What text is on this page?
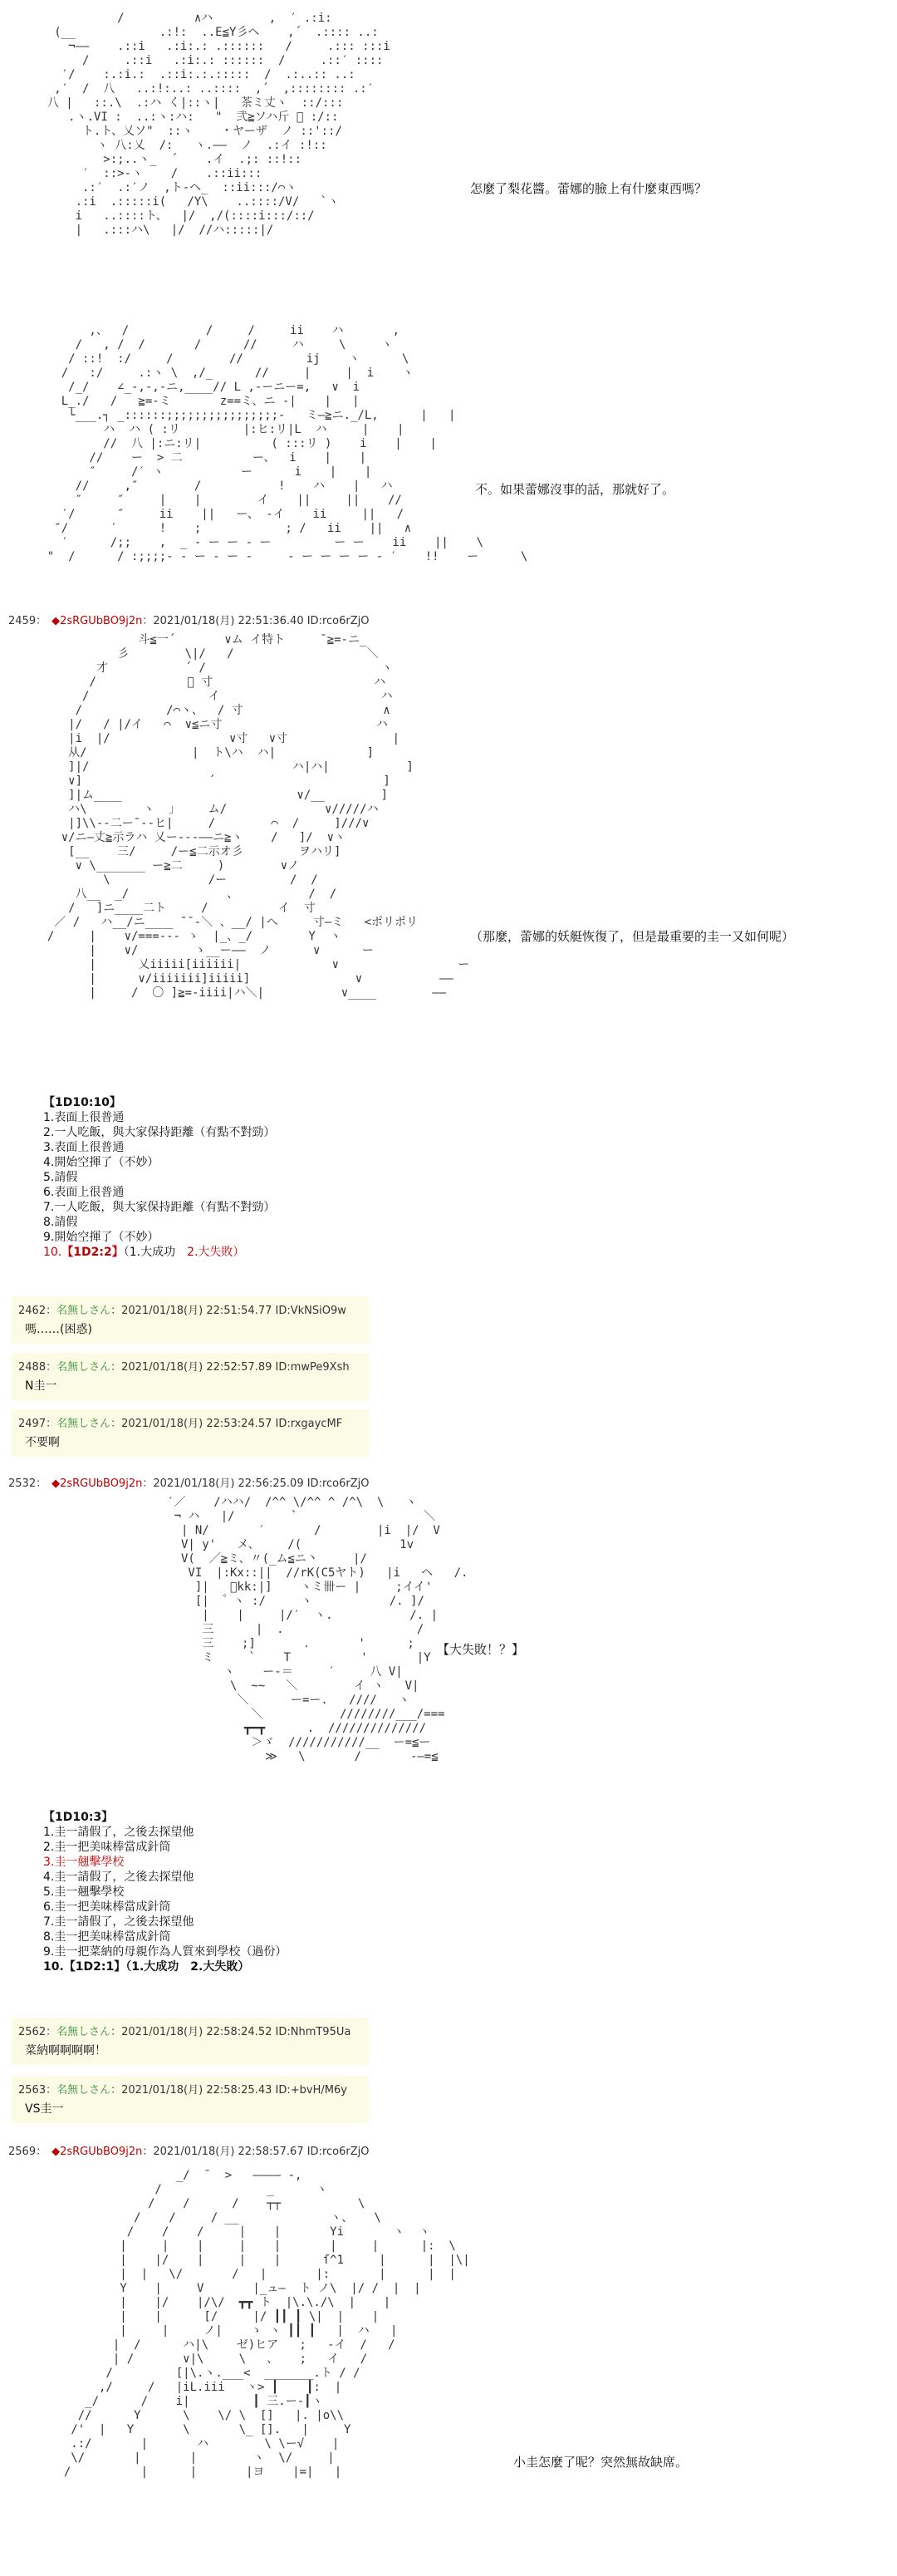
/          ∧ハ        ,  ′ .:i:
(__            .:!:  ..E≦Y彡ヘ    ,´  .:::: ..:
¬——    .::i   .:i:.: .::::::   /     .::: :::i
/     .::i   .:i:.: ::::::  /     .::′ ::::
′/    :.:i.:  .::i:.:.:::::  /  .:..:: ..:
,′  /  八   ..:!:..: ..::::  ,´  ,:::::::: .:′
八 |   ::.\  .:ハ く|::ヽ|   茶ミ丈ヽ  ::/:::
.ヽ.VI :  ..:ヽ:ハ:   "  弐≧ソハ斤 ゚ :/::
ト.ト、乂ソ"  ::ヽ    ・ヤーザ  ノ ::'::/
ヽ 八:乂  /:   ヽ.——  ノ  .:イ :!::
>:;..ヽ_  ´    .イ  .;: ::!::
′  ::>-ヽ    /    .::ii:::
.:′  .:′ノ  ,ト-ヘ_  ::ii:::/⌒ヽ
.:i  .:::::i(   /Y\    ..::::/V/   `ヽ
i   ..::::ト、  |/  ,/(::::i:::/::/
|   .:::ハ\   |/  //ハ:::::|/
怎麼了梨花醬。蕾娜的臉上有什麼東西嗎？
,、  /           /     /     ii    ハ       ,
/   , /  /       /      //     ハ     \     ヽ
/ ::!  :/     /        //         ij    ヽ      \
/   :/     .:ヽ \  ,/_      //     |     |  i    ヽ
/_/    ∠_-,-,-ニ,____// L ,-ーニー=,   ∨  i
L_./   /   ≧=-ミ       z==ミ、ニ -|    |   |
└___.┐ _::::::;;;;;;;;;;;;;;;;-   ミ—≧ニ._/L,      |   |
ハ  ハ ( :リ         |:ヒ:リ|L  ハ     |    |
//  八 |:ニ:リ|          ( :::リ )    i    |    |
//    ー  > 二          ー、  i    |    |
″     /′ ヽ           ー      i    |    |
//     ,″        /           !    ハ    |   ハ
″     ″     |    |        イ    ||     ||    //
′/      ″     ii    ||   ー、 ‐イ    ii     ||   /
″/      ′      !    ;            ; /   ii    ||   ∧
′      /;;    ,  _ - ー ー - ー         ー ー    ii    ||    \
"  /      / :;;;;- - ー - ー -     - ー ー ー ー - ′    !!    ー      \
不。如果蕾娜沒事的話，那就好了。
2459： ◆2sRGUbBO9j2n：2021/01/18(月) 22:51:36.40 ID:rco6rZjO
斗≦一´       ∨ム イ特ト     ¯≧=-ニ_
彡        \|/   /                   ＼
才           ´ /                         ヽ
/             ゚ 寸                       ハ
/                 イ                       ハ
/            /⌒ヽ、  / 寸                    ∧
|/   / |/イ   ⌒  ∨≦ニ寸                      ハ
|i  |/                 ∨寸   ∨寸               |
从/               |  ト\ハ  ハ|             ]
]|/                             ハ|ハ|           ]
∨]                  ´                        ]
]|ム____                         ∨/__        ]
ハ\        ヽ  」    ム/              ∨/////ハ
|]\\--二ー¯--ヒ|     /        ⌒  /     ]///∨
∨/ニ—丈≧示ラハ 乂ー---――ニ≧ヽ    /   ]/  ∨ヽ
[__    三/     /ー≦二示オ彡        ヲハリ]
∨ \_______ ー≧二     )        ∨ノ
\              /ー         /  /
八__  _/              、          /  /
/   ]ニ____二ト     /          イ  寸
／ /   ハ__/ニ____ ¯¯‐＼ 、__/ |へ     寸—ミ   <ポリポリ
/     |    ∨/===--‐ ゝ  |_、_/        Y  ヽ
|    ∨/        ゝ__ー——  ノ      ∨      ー
|      乂iiiii[iiiiii|             ∨                 ー
|      ∨/iiiiiii]iiiii]               ∨           ――
|     /  〇 ]≧=-iiii|ハ＼|           ∨____        ――
（那麼，蕾娜的妖艇恢復了，但是最重要的圭一又如何呢）
【1D10:10】
1.表面上很普通
2.一人吃飯，與大家保持距離（有點不對勁）
3.表面上很普通
4.開始空揮了（不妙）
5.請假
6.表面上很普通
7.一人吃飯，與大家保持距離（有點不對勁）
8.請假
9.開始空揮了（不妙）
10.【1D2:2】（1.大成功　 2.大失敗）
2462：名無しさん：2021/01/18(月) 22:51:54.77 ID:VkNSiO9w
嗎……(困惑)
2488：名無しさん：2021/01/18(月) 22:52:57.89 ID:mwPe9Xsh
N圭一
2497：名無しさん：2021/01/18(月) 22:53:24.57 ID:rxgaycMF
不要啊
2532： ◆2sRGUbBO9j2n：2021/01/18(月) 22:56:25.09 ID:rco6rZjO
′／    /ハハ/  /^^ \/^^ ^ /^\  \   ヽ
¬ ハ   |/        `                  ＼
| N/       ′       /        |i  |/  V
V| y'   メ、    /(              1v
V(  ／≧ミ、〃(_ム≦ニ丶     |/
VI  |:Kx::||  //rK(C5ヤト)   |i   ヘ   /.
]|   ゚kk:|]    ヽミ卌ー |     ;イイ'
[|   ゚ ヽ :/     ヽ           /. ]/
|    |     |/′  ヽ.           /. |
三      |  .                   /
三    ;]       ．      '      ;
ミ     `    T          '       |Y
ヽ    ー‐＝     ′     八 V|
\  ~~   ＼        イ ヽ   V|
＼      ー=ー.   ////   ヽ
＼           ////////___/===
┳━┳      .  //////////////
＞ゞ  ///////////__  ー=≦ー
≫   \       /       -―=≦
【大失敗！？】
【1D10:3】
1.圭一請假了，之後去探望他
2.圭一把美味棒當成針筒
3.圭一翹擊學校
4.圭一請假了，之後去探望他
5.圭一翹擊學校
6.圭一把美味棒當成針筒
7.圭一請假了，之後去探望他
8.圭一把美味棒當成針筒
9.圭一把菜納的母親作為人質來到學校（過份）
10.【1D2:1】（1.大成功　2.大失敗）
2562：名無しさん：2021/01/18(月) 22:58:24.52 ID:NhmT95Ua
菜納啊啊啊啊！
2563：名無しさん：2021/01/18(月) 22:58:25.43 ID:+bvH/M6y
VS圭一
2569： ◆2sRGUbBO9j2n：2021/01/18(月) 22:58:57.67 ID:rco6rZjO
_/  ¯  >   ———— -,
/               _      ヽ
/    /      /    ┬┬           \
/    /     / __             ヽ、   \
/    /    /     |    |       Yi       ヽ  ヽ
|     |    |     |    |       |     |      |:  \
|    |/    |     |    |      ſ^1     |      |  |\|
|  |   \/       /   |       |:       |      |  |
Y    |     V       |_ュ—  ト ノ\  |/ /  |  |
|    |/    |/\/  ┳┳ ト  |\.\./\  |    |
|    |      [/     |/ ┃┃ ┃ \|  |    |
|     |     ノ|    ゝ ヽ ┃┃ ┃   |  ハ   |
|  /      ハ|\    ゼ)ヒア   ;   -イ  /   /
| /       ∨|\     \   、   ;   イ   /
/         [|\.ヽ.___<  _______.ト / /
,/     /   |iL.iii   ヽ> ┃    ┃:  |
_/      /    i|         ┃ 三.ー‐┃ヽ
//      Y      \    \/ \  []   |. |o\\
/'  |   Y       \       \_ [].   |     Y
.:/       |       ハ        \ \ー√    |
\/       |       |        ヽ  \/     |
/          |      |       |ヨ    |=|   |
小圭怎麼了呢？突然無故缺席。
